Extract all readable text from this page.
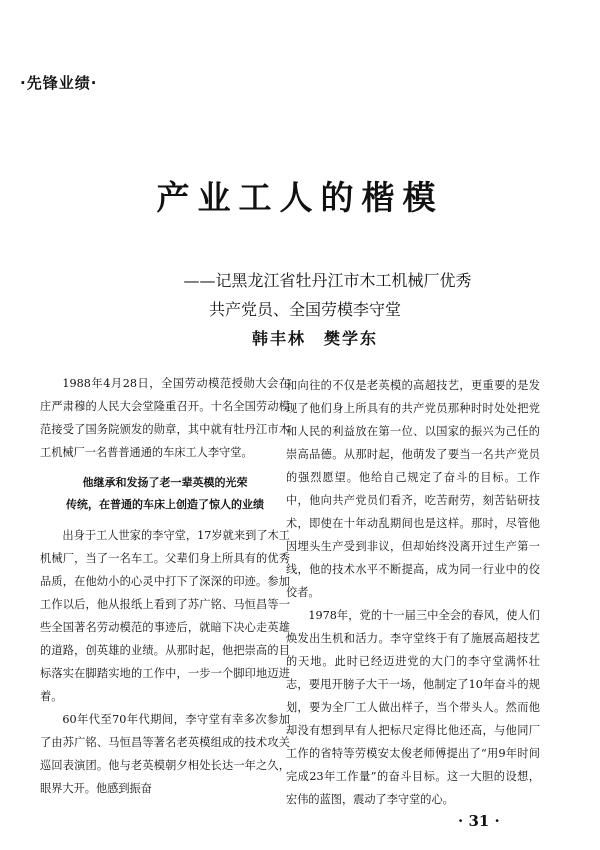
·先锋业绩·
产业工人的楷模
——记黑龙江省牡丹江市木工机械厂优秀
共产党员、全国劳模李守堂
韩丰林　樊学东

1988年4月28日，全国劳动模范授勋大会在庄严肃穆的人民大会堂隆重召开。十名全国劳动模范接受了国务院颁发的勋章，其中就有牡丹江市木工机械厂一名普普通通的车床工人李守堂。

他继承和发扬了老一辈英模的光荣
传统，在普通的车床上创造了惊人的业绩

出身于工人世家的李守堂，17岁就来到了木工机械厂，当了一名车工。父辈们身上所具有的优秀品质，在他幼小的心灵中打下了深深的印迹。参加工作以后，他从报纸上看到了苏广铭、马恒昌等一些全国著名劳动模范的事迹后，就暗下决心走英雄的道路，创英雄的业绩。从那时起，他把崇高的目标落实在脚踏实地的工作中，一步一个脚印地迈进着。

60年代至70年代期间，李守堂有幸多次参加了由苏广铭、马恒昌等著名老英模组成的技术攻关巡回表演团。他与老英模朝夕相处长达一年之久，眼界大开。他感到振奋

和向往的不仅是老英模的高超技艺，更重要的是发现了他们身上所具有的共产党员那种时时处处把党和人民的利益放在第一位、以国家的振兴为己任的崇高品德。从那时起，他萌发了要当一名共产党员的强烈愿望。他给自己规定了奋斗的目标。工作中，他向共产党员们看齐，吃苦耐劳，刻苦钻研技术，即使在十年动乱期间也是这样。那时，尽管他因埋头生产受到非议，但却始终没离开过生产第一线，他的技术水平不断提高，成为同一行业中的佼佼者。

1978年，党的十一届三中全会的春风，使人们焕发出生机和活力。李守堂终于有了施展高超技艺的天地。此时已经迈进党的大门的李守堂满怀壮志，要甩开膀子大干一场，他制定了10年奋斗的规划，要为全厂工人做出样子，当个带头人。然而他却没有想到早有人把标尺定得比他还高，与他同厂工作的省特等劳模安太俊老师傅提出了“用9年时间完成23年工作量”的奋斗目标。这一大胆的设想，宏伟的蓝图，震动了李守堂的心。

· 31 ·
